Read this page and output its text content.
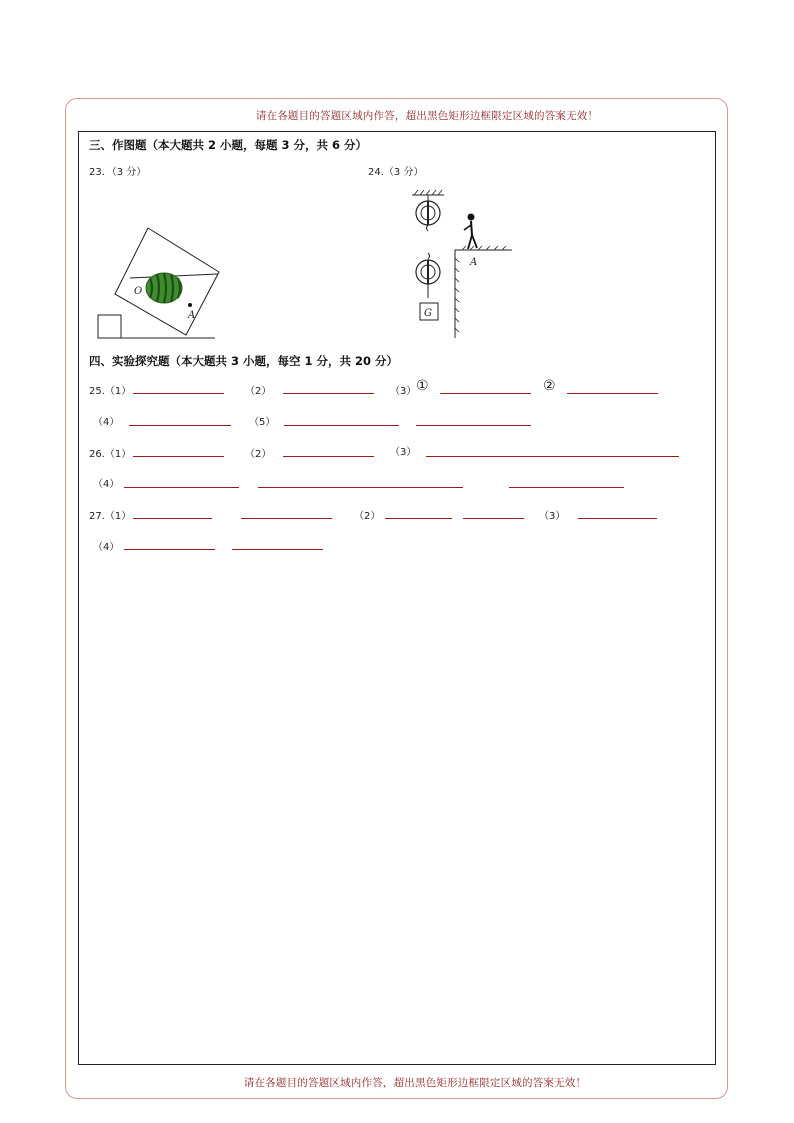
请在各题目的答题区域内作答，超出黑色矩形边框限定区域的答案无效！
请在各题目的答题区域内作答，超出黑色矩形边框限定区域的答案无效！
三、作图题（本大题共 2 小题，每题 3 分，共 6 分）
23．（3 分）	24.（3 分）
O
A	G
A
四、实验探究题（本大题共 3 小题，每空 1 分，共 20 分）
25.（1）	（2）	（3） ①	②
（4）	（5）
26.（1）	（2）	（3）
（4）
27.（1）	（2）	（3）
（4）
